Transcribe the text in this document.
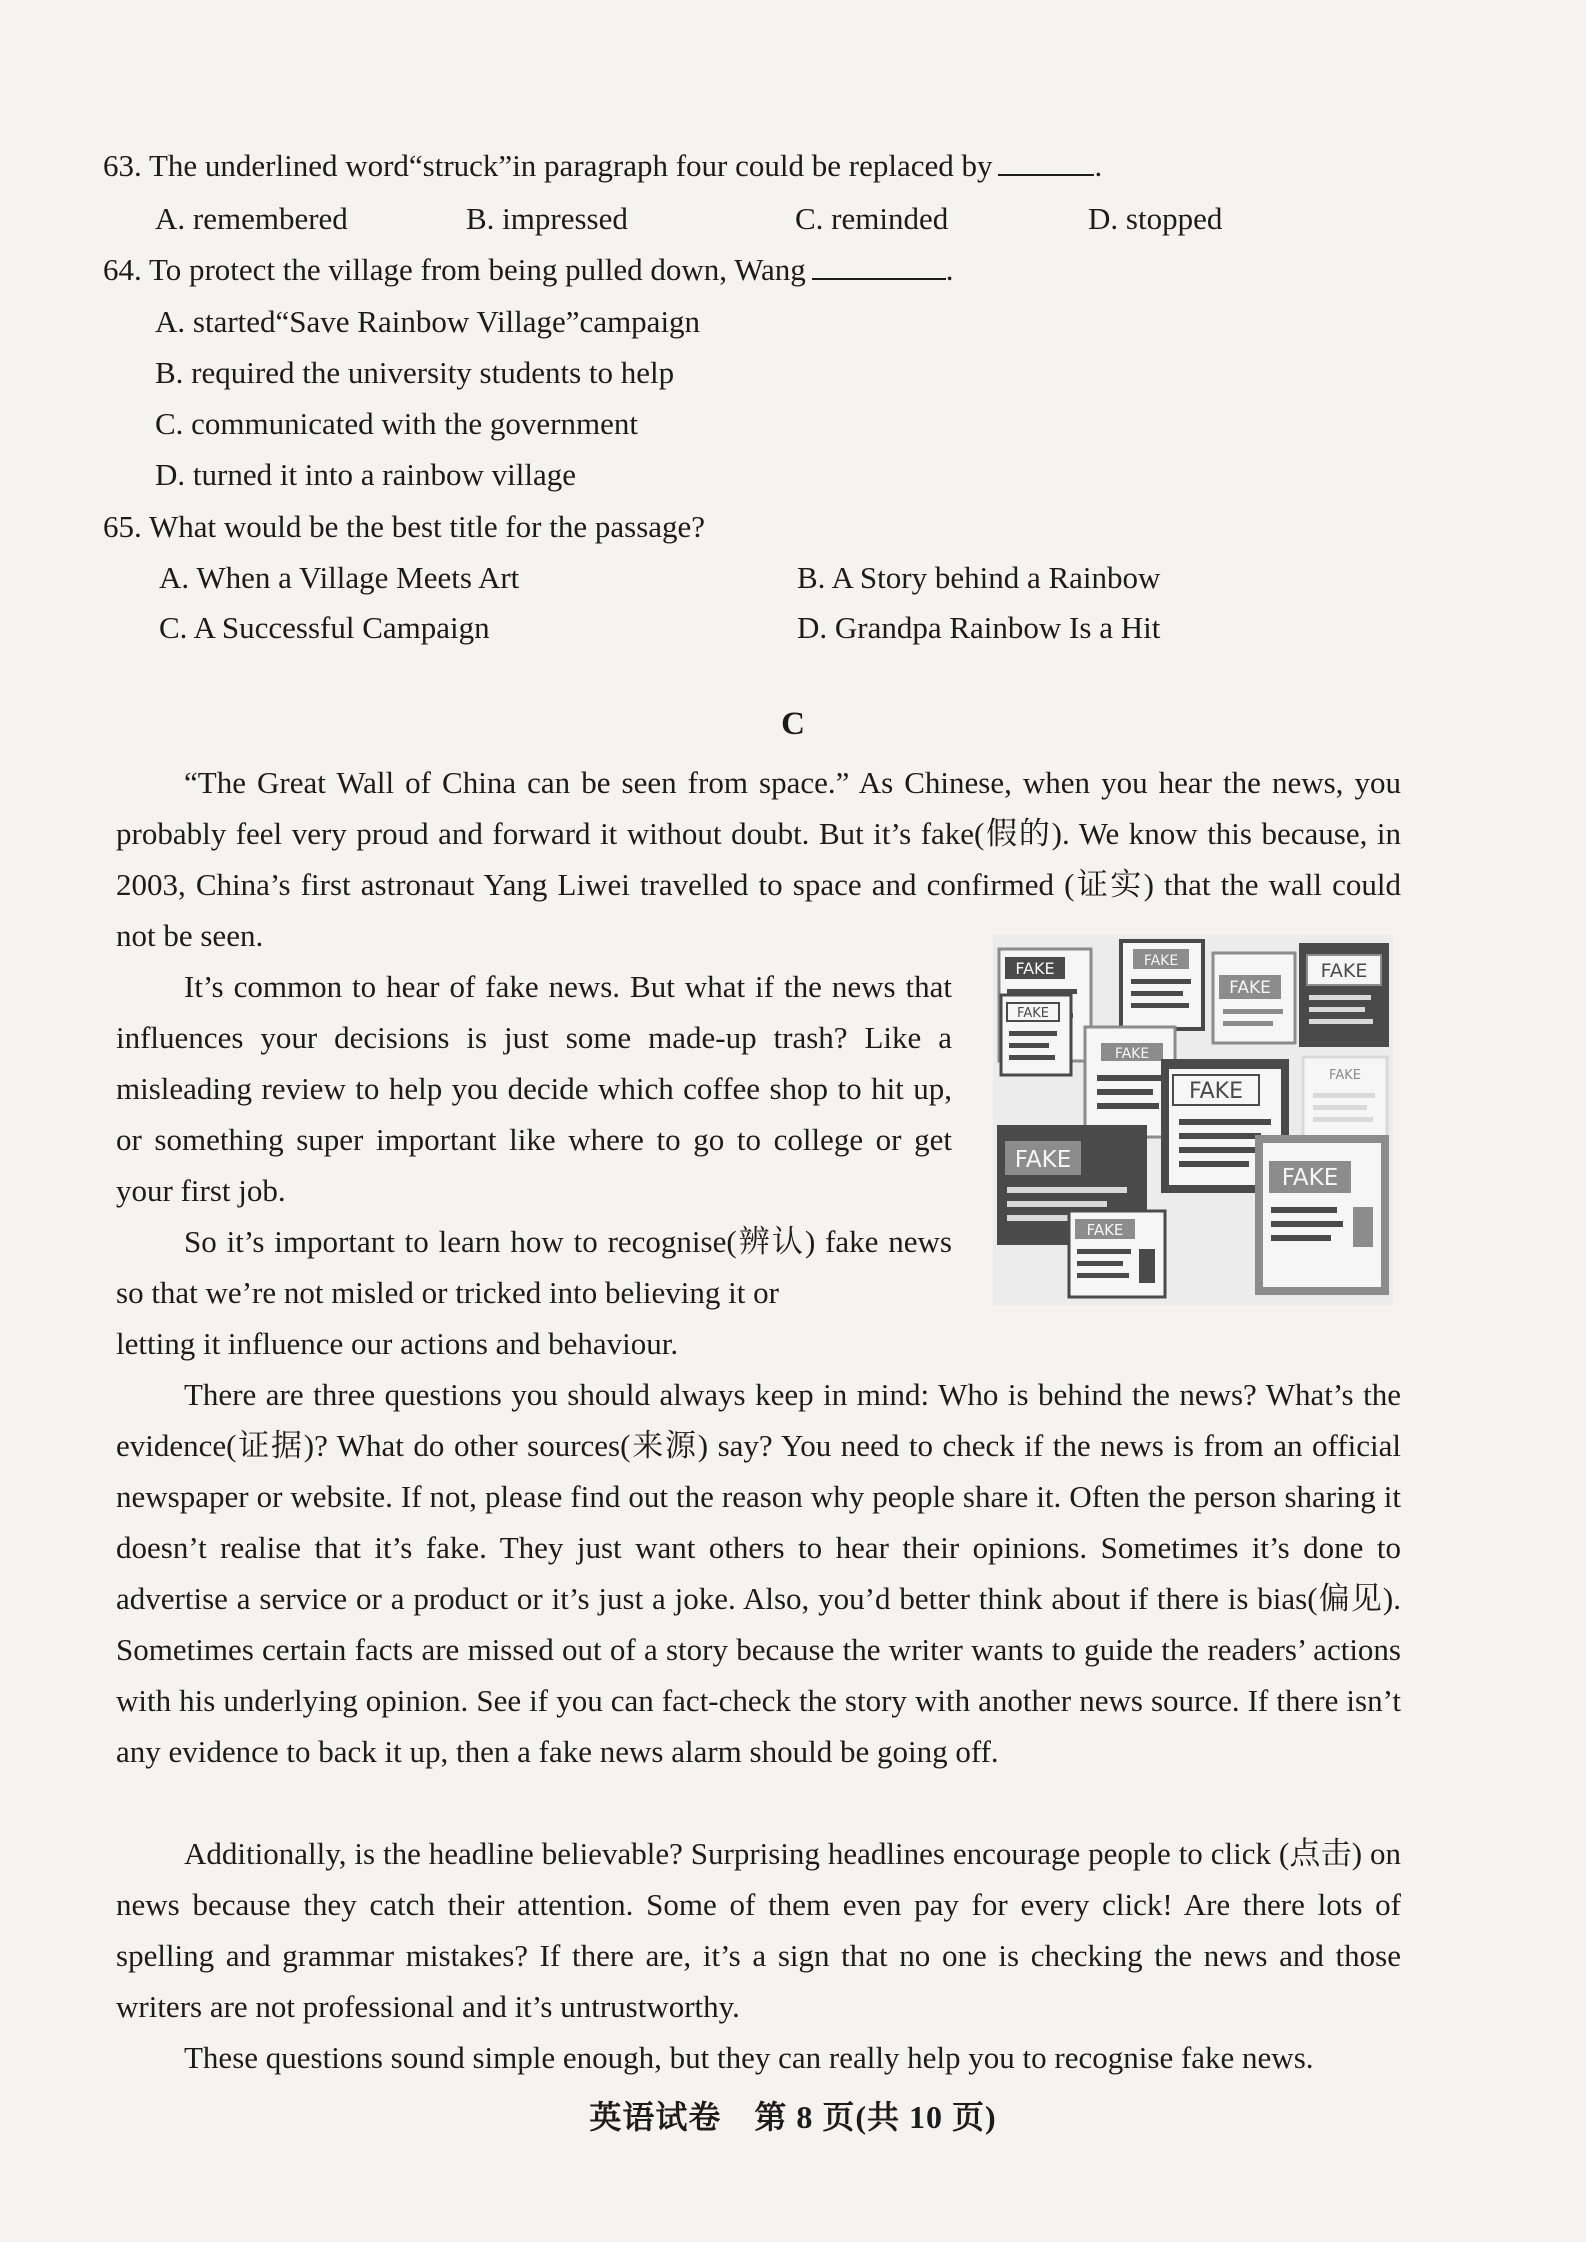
63. The underlined word“struck”in paragraph four could be replaced by	.
A. remembered	B. impressed	C. reminded	D. stopped
64. To protect the village from being pulled down, Wang	.
A. started“Save Rainbow Village”campaign
B. required the university students to help
C. communicated with the government
D. turned it into a rainbow village
65. What would be the best title for the passage?
A. When a Village Meets Art	B. A Story behind a Rainbow
C. A Successful Campaign	D. Grandpa Rainbow Is a Hit
C

“The Great Wall of China can be seen from space.” As Chinese, when you hear the news, you probably feel very proud and forward it without doubt. But it’s fake(假的). We know this because, in 2003, China’s first astronaut Yang Liwei travelled to space and confirmed (证实) that the wall could not be seen.

It’s common to hear of fake news. But what if the news that influences your decisions is just some made-up trash? Like a misleading review to help you decide which coffee shop to hit up, or something super important like where to go to college or get your first job.

So it’s important to learn how to recognise(辨认) fake news so that we’re not misled or tricked into believing it or

letting it influence our actions and behaviour.

There are three questions you should always keep in mind: Who is behind the news? What’s the evidence(证据)? What do other sources(来源) say? You need to check if the news is from an official newspaper or website. If not, please find out the reason why people share it. Often the person sharing it doesn’t realise that it’s fake. They just want others to hear their opinions. Sometimes it’s done to advertise a service or a product or it’s just a joke. Also, you’d better think about if there is bias(偏见). Sometimes certain facts are missed out of a story because the writer wants to guide the readers’ actions with his underlying opinion. See if you can fact-check the story with another news source. If there isn’t any evidence to back it up, then a fake news alarm should be going off.

Additionally, is the headline believable? Surprising headlines encourage people to click (点击) on news because they catch their attention. Some of them even pay for every click! Are there lots of spelling and grammar mistakes? If there are, it’s a sign that no one is checking the news and those writers are not professional and it’s untrustworthy.

These questions sound simple enough, but they can really help you to recognise fake news.

FAKE	FAKE
FAKE
FAKE
FAKE
FAKE
FAKE
FAKE
FAKE
FAKE
FAKE
英语试卷　第 8 页(共 10 页)
